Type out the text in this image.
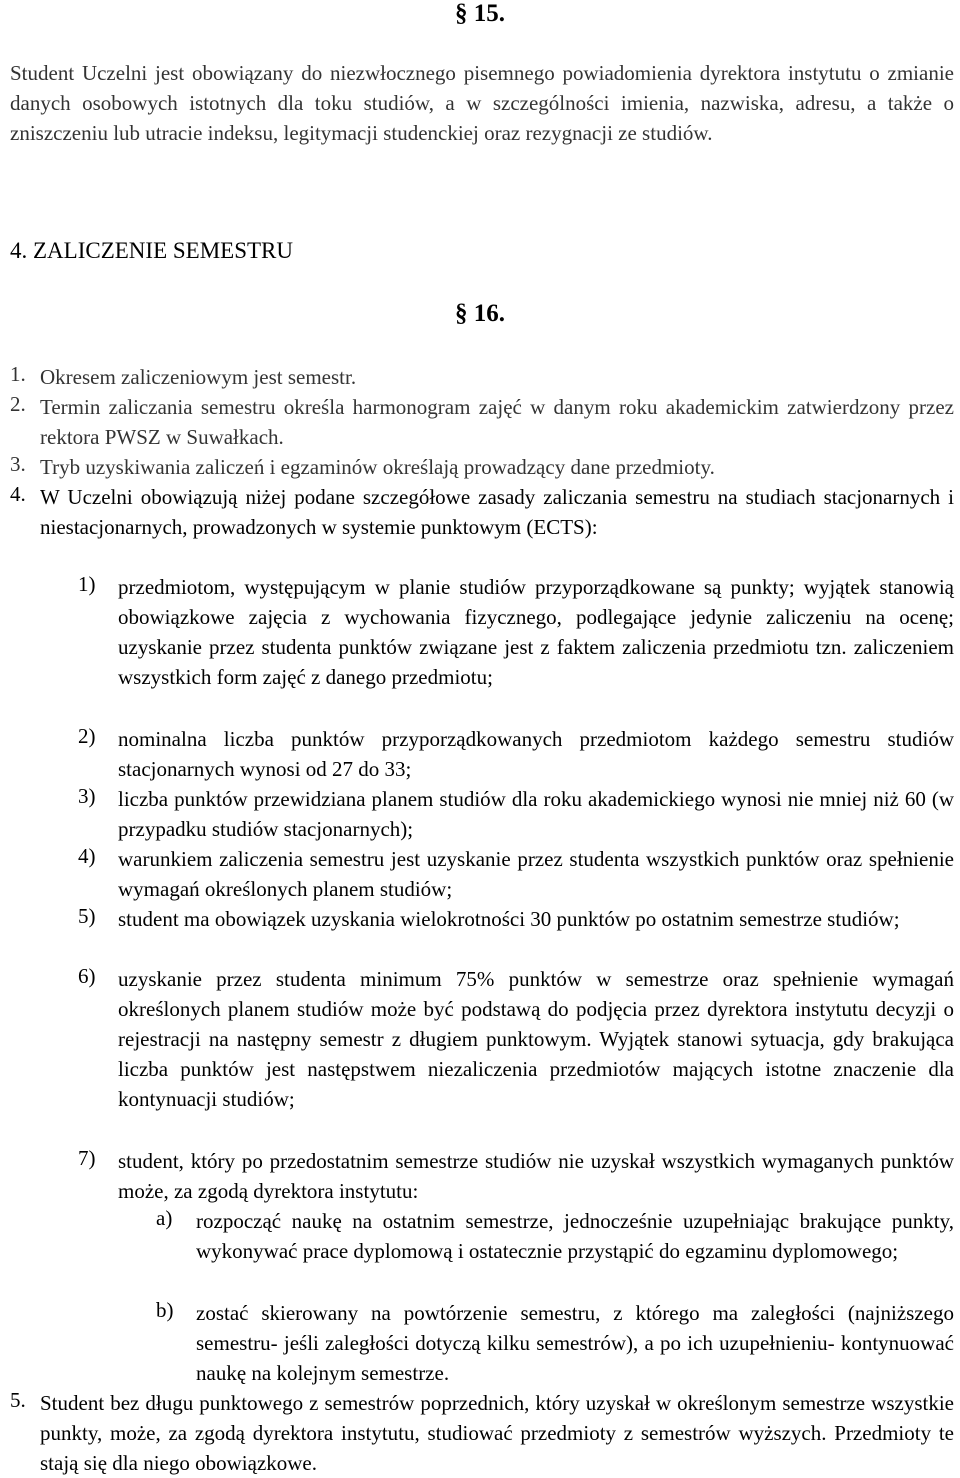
§ 15.
Student Uczelni jest obowiązany do niezwłocznego pisemnego powiadomienia dyrektora instytutu o zmianie danych osobowych istotnych dla toku studiów, a w szczególności imienia, nazwiska, adresu, a także o zniszczeniu lub utracie indeksu, legitymacji studenckiej oraz rezygnacji ze studiów.
4. ZALICZENIE SEMESTRU
§ 16.
1. Okresem zaliczeniowym jest semestr.
2. Termin zaliczania semestru określa harmonogram zajęć w danym roku akademickim zatwierdzony przez rektora PWSZ w Suwałkach.
3. Tryb uzyskiwania zaliczeń i egzaminów określają prowadzący dane przedmioty.
4. W Uczelni obowiązują niżej podane szczegółowe zasady zaliczania semestru na studiach stacjonarnych i niestacjonarnych, prowadzonych w systemie punktowym (ECTS):
1) przedmiotom, występującym w planie studiów przyporządkowane są punkty; wyjątek stanowią obowiązkowe zajęcia z wychowania fizycznego, podlegające jedynie zaliczeniu na ocenę; uzyskanie przez studenta punktów związane jest z faktem zaliczenia przedmiotu tzn. zaliczeniem wszystkich form zajęć z danego przedmiotu;
2) nominalna liczba punktów przyporządkowanych przedmiotom każdego semestru studiów stacjonarnych wynosi od 27 do 33;
3) liczba punktów przewidziana planem studiów dla roku akademickiego wynosi nie mniej niż 60 (w przypadku studiów stacjonarnych);
4) warunkiem zaliczenia semestru jest uzyskanie przez studenta wszystkich punktów oraz spełnienie wymagań określonych planem studiów;
5) student ma obowiązek uzyskania wielokrotności 30 punktów po ostatnim semestrze studiów;
6) uzyskanie przez studenta minimum 75% punktów w semestrze oraz spełnienie wymagań określonych planem studiów może być podstawą do podjęcia przez dyrektora instytutu decyzji o rejestracji na następny semestr z długiem punktowym. Wyjątek stanowi sytuacja, gdy brakująca liczba punktów jest następstwem niezaliczenia przedmiotów mających istotne znaczenie dla kontynuacji studiów;
7) student, który po przedostatnim semestrze studiów nie uzyskał wszystkich wymaganych punktów może, za zgodą dyrektora instytutu:
a) rozpocząć naukę na ostatnim semestrze, jednocześnie uzupełniając brakujące punkty, wykonywać prace dyplomową i ostatecznie przystąpić do egzaminu dyplomowego;
b) zostać skierowany na powtórzenie semestru, z którego ma zaległości (najniższego semestru- jeśli zaległości dotyczą kilku semestrów), a po ich uzupełnieniu- kontynuować naukę na kolejnym semestrze.
5. Student bez długu punktowego z semestrów poprzednich, który uzyskał w określonym semestrze wszystkie punkty, może, za zgodą dyrektora instytutu, studiować przedmioty z semestrów wyższych. Przedmioty te stają się dla niego obowiązkowe.
